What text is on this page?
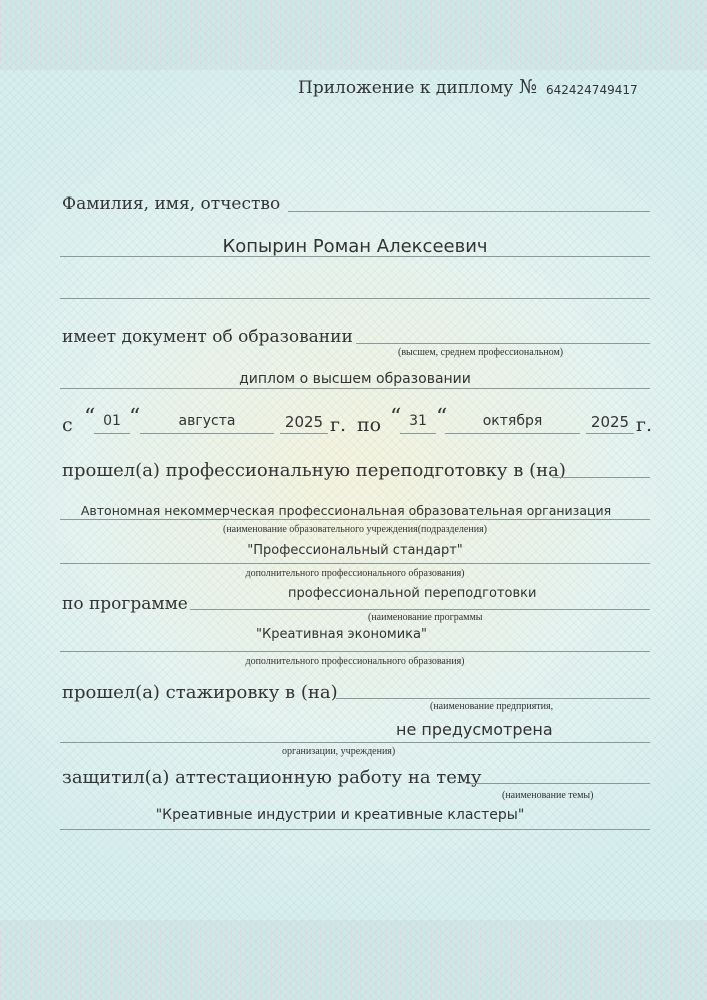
Приложение к диплому № 642424749417
Фамилия, имя, отчество
Копырин Роман Алексеевич
имеет документ об образовании
(высшем, среднем профессиональном)
диплом о высшем образовании
с “ 01 “	августа	2025 г. по “ 31 “	октября	2025 г.
прошел(а) профессиональную переподготовку в (на)
Автономная некоммерческая профессиональная образовательная организация
(наименование образовательного учреждения(подразделения)
"Профессиональный стандарт"
дополнительного профессионального образования)
по программе
профессиональной переподготовки
(наименование программы
"Креативная экономика"
дополнительного профессионального образования)
прошел(а) стажировку в (на)
(наименование предприятия,
не предусмотрена
организации, учреждения)
защитил(а) аттестационную работу на тему
(наименование темы)
"Креативные индустрии и креативные кластеры"
